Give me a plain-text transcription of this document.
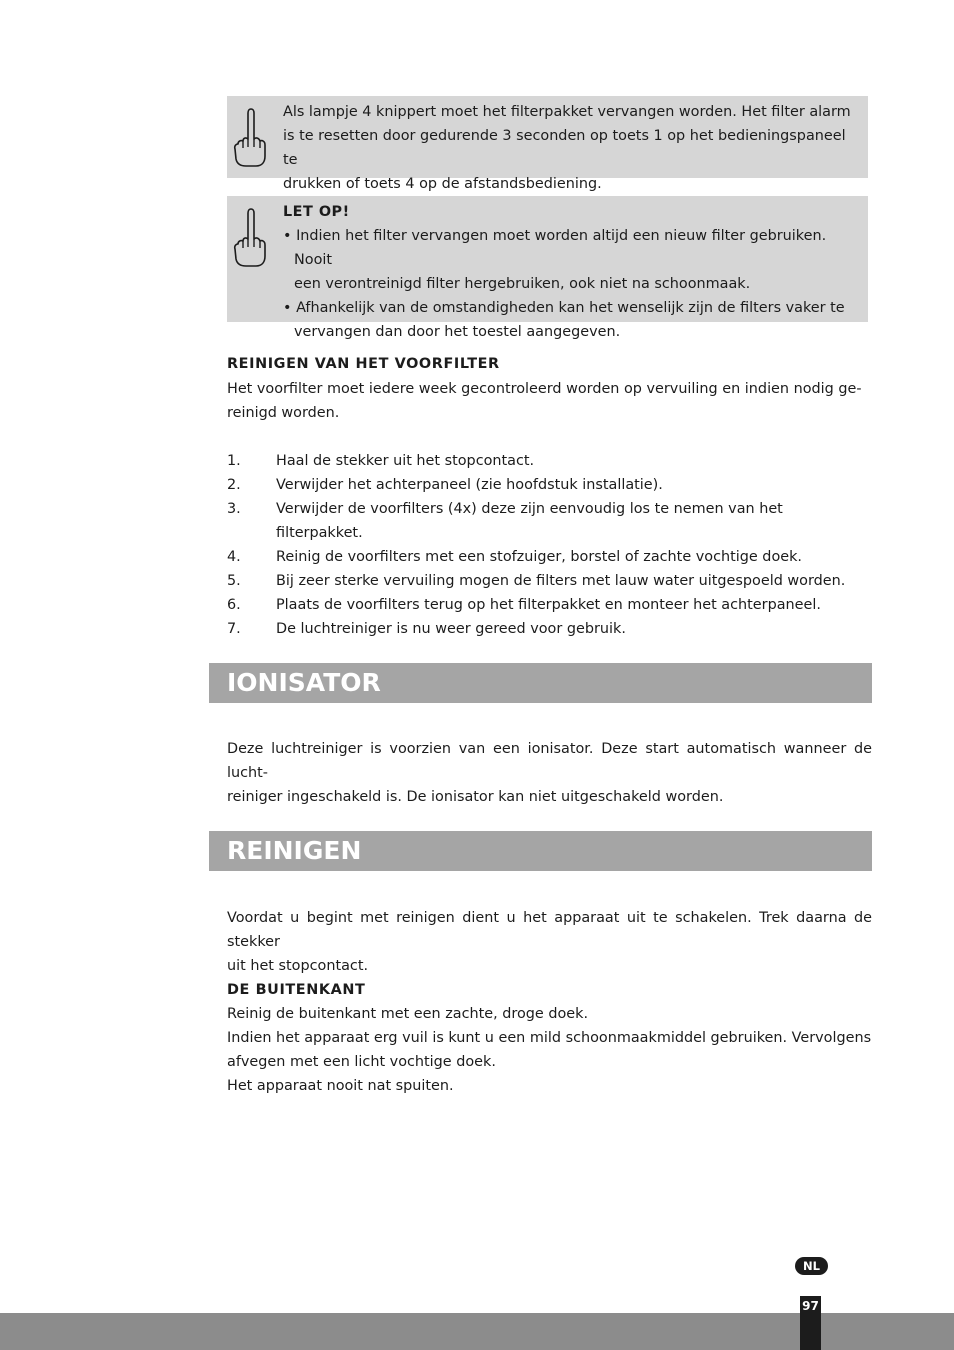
Als lampje 4 knippert moet het filterpakket vervangen worden. Het filter alarm

is te resetten door gedurende 3 seconden op toets 1 op het bedieningspaneel te

drukken of toets 4 op de afstandsbediening.

LET OP!

• Indien het filter vervangen moet worden altijd een nieuw filter gebruiken. Nooit
een verontreinigd filter hergebruiken, ook niet na schoonmaak.

• Afhankelijk van de omstandigheden kan het wenselijk zijn de filters vaker te
vervangen dan door het toestel aangegeven.

REINIGEN VAN HET VOORFILTER

Het voorfilter moet iedere week gecontroleerd worden op vervuiling en indien nodig ge-
reinigd worden.

1.	Haal de stekker uit het stopcontact.
2.	Verwijder het achterpaneel (zie hoofdstuk installatie).
3.	Verwijder de voorfilters (4x) deze zijn eenvoudig los te nemen van het filterpakket.
4.	Reinig de voorfilters met een stofzuiger, borstel of zachte vochtige doek.
5.	Bij zeer sterke vervuiling mogen de filters met lauw water uitgespoeld worden.
6.	Plaats de voorfilters terug op het filterpakket en monteer het achterpaneel.
7.	De luchtreiniger is nu weer gereed voor gebruik.
IONISATOR

Deze luchtreiniger is voorzien van een ionisator. Deze start automatisch wanneer de lucht-
reiniger ingeschakeld is. De ionisator kan niet uitgeschakeld worden.

REINIGEN

Voordat u begint met reinigen dient u het apparaat uit te schakelen. Trek daarna de stekker
uit het stopcontact.

DE BUITENKANT

Reinig de buitenkant met een zachte, droge doek.
Indien het apparaat erg vuil is kunt u een mild schoonmaakmiddel gebruiken. Vervolgens
afvegen met een licht vochtige doek.
Het apparaat nooit nat spuiten.

NL
97
